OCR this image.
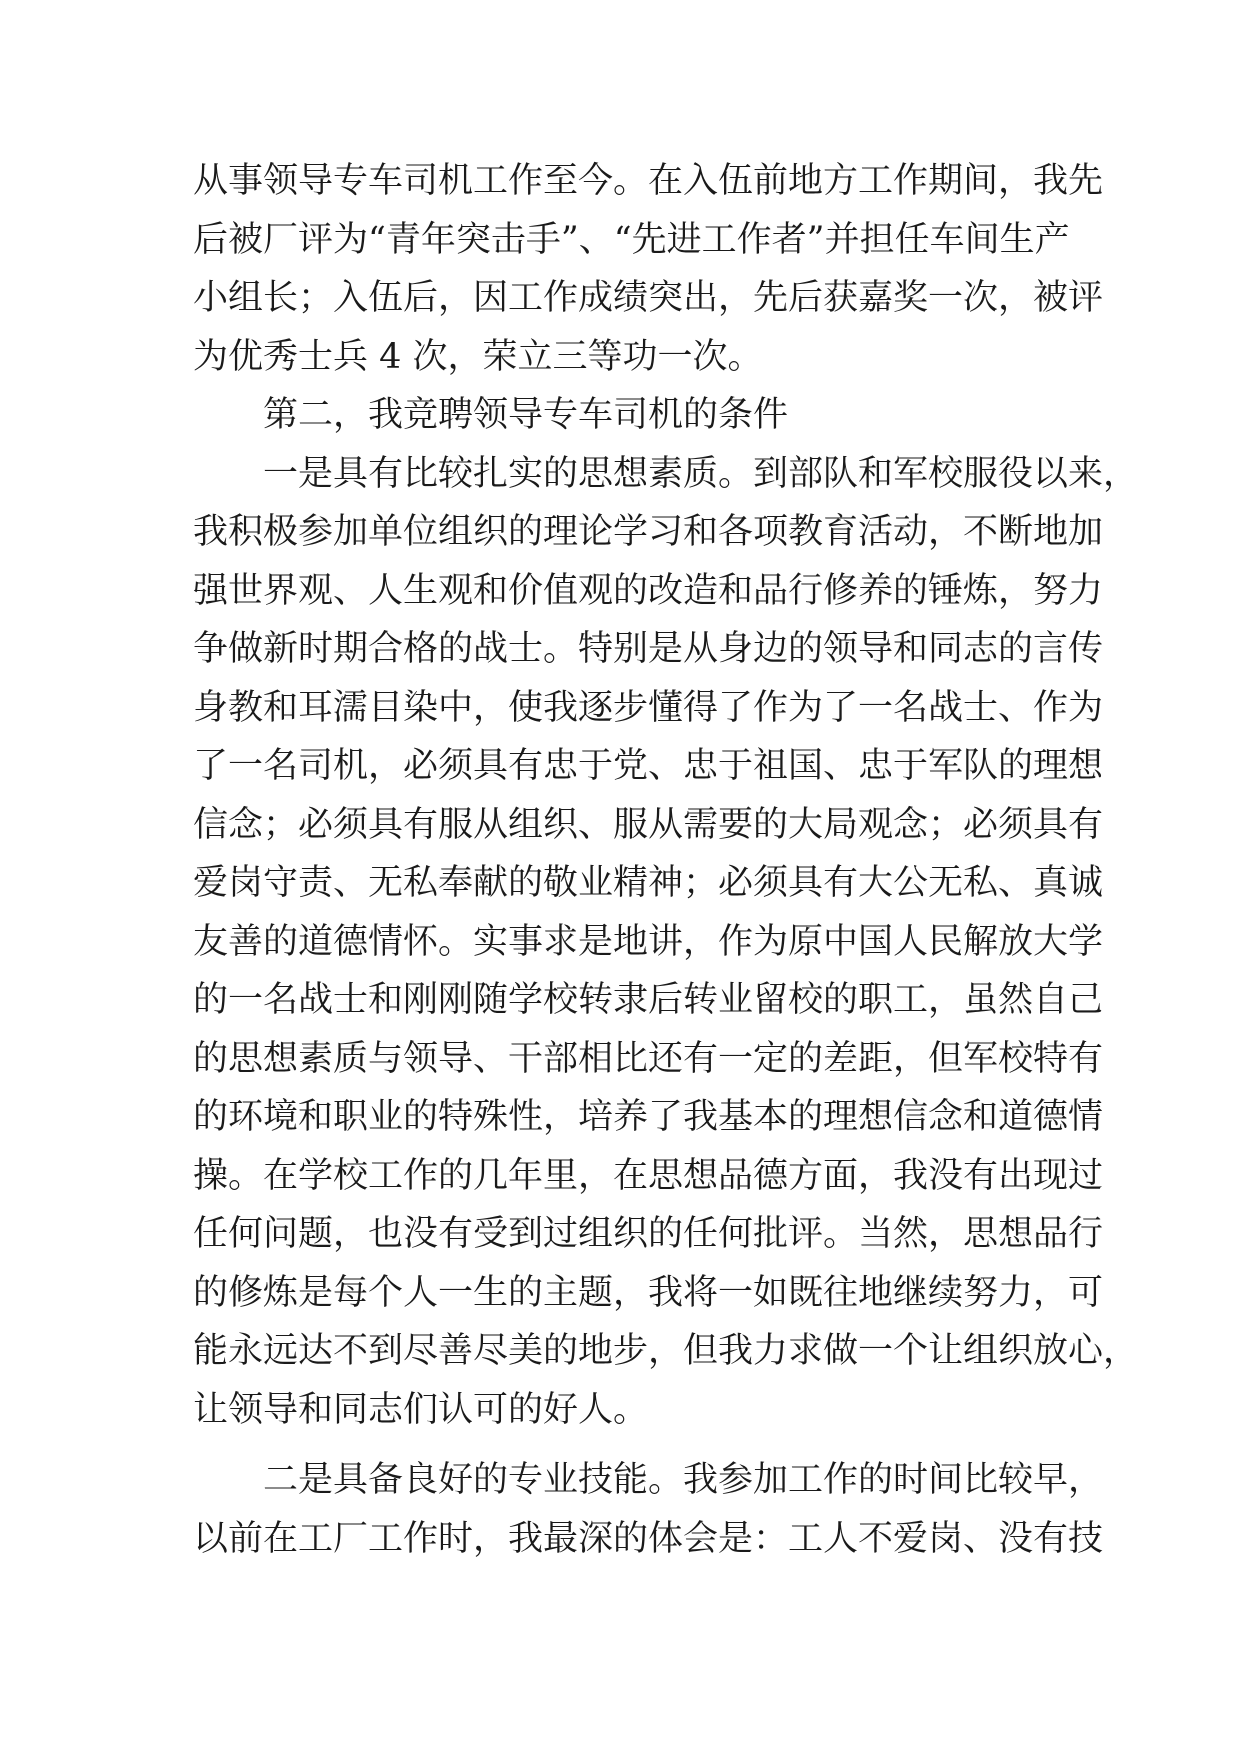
从事领导专车司机工作至今。在入伍前地方工作期间，我先
后被厂评为“青年突击手”、“先进工作者”并担任车间生产
小组长；入伍后，因工作成绩突出，先后获嘉奖一次，被评
为优秀士兵 4 次，荣立三等功一次。
第二，我竞聘领导专车司机的条件
一是具有比较扎实的思想素质。到部队和军校服役以来，
我积极参加单位组织的理论学习和各项教育活动，不断地加
强世界观、人生观和价值观的改造和品行修养的锤炼，努力
争做新时期合格的战士。特别是从身边的领导和同志的言传
身教和耳濡目染中，使我逐步懂得了作为了一名战士、作为
了一名司机，必须具有忠于党、忠于祖国、忠于军队的理想
信念；必须具有服从组织、服从需要的大局观念；必须具有
爱岗守责、无私奉献的敬业精神；必须具有大公无私、真诚
友善的道德情怀。实事求是地讲，作为原中国人民解放大学
的一名战士和刚刚随学校转隶后转业留校的职工，虽然自己
的思想素质与领导、干部相比还有一定的差距，但军校特有
的环境和职业的特殊性，培养了我基本的理想信念和道德情
操。在学校工作的几年里，在思想品德方面，我没有出现过
任何问题，也没有受到过组织的任何批评。当然，思想品行
的修炼是每个人一生的主题，我将一如既往地继续努力，可
能永远达不到尽善尽美的地步，但我力求做一个让组织放心，
让领导和同志们认可的好人。
二是具备良好的专业技能。我参加工作的时间比较早，
以前在工厂工作时，我最深的体会是：工人不爱岗、没有技
